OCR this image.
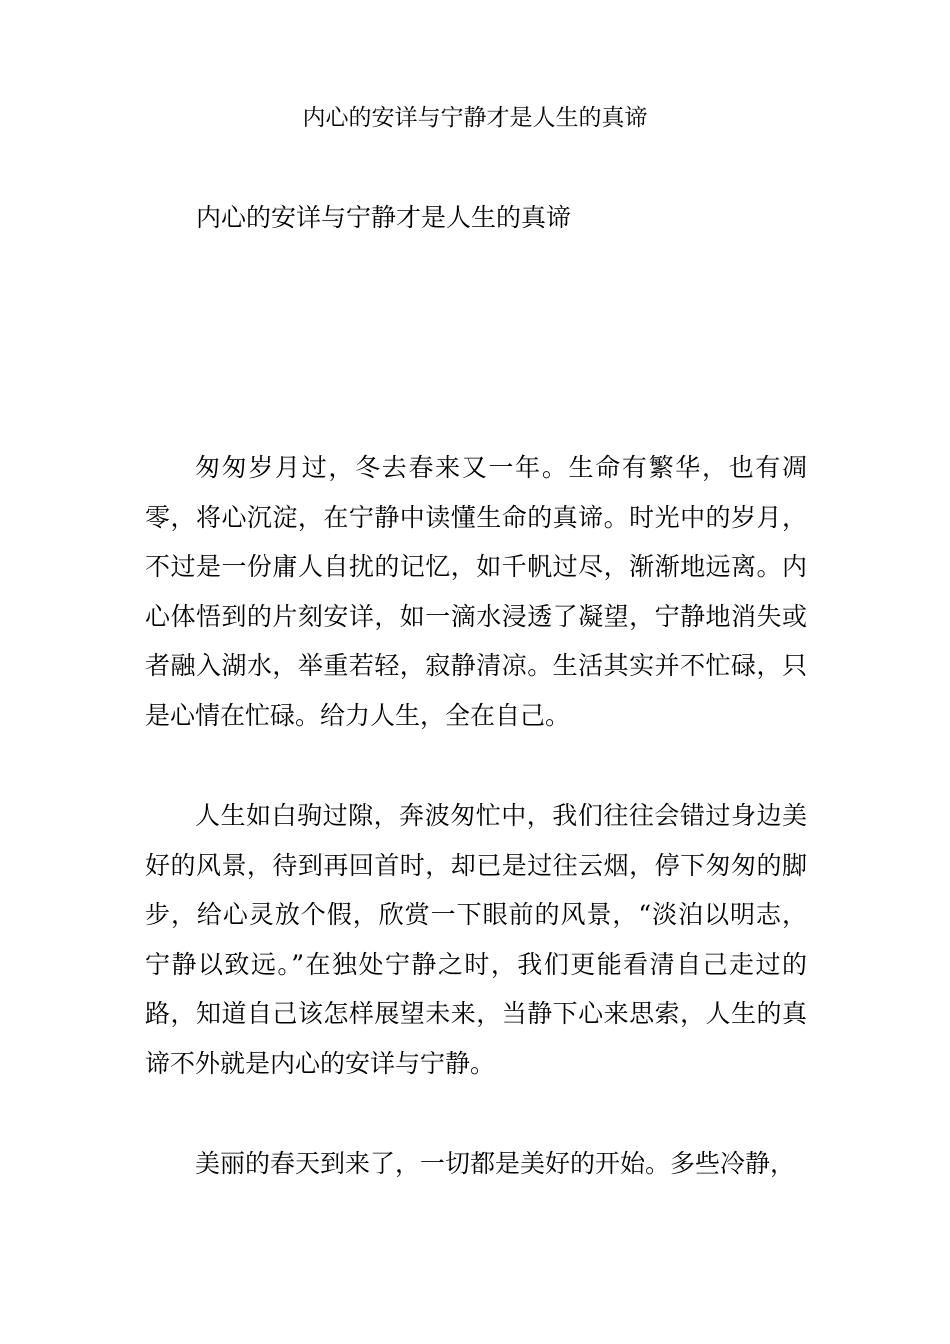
内心的安详与宁静才是人生的真谛
内心的安详与宁静才是人生的真谛

匆匆岁月过，冬去春来又一年。生命有繁华，也有凋零，将心沉淀，在宁静中读懂生命的真谛。时光中的岁月，不过是一份庸人自扰的记忆，如千帆过尽，渐渐地远离。内心体悟到的片刻安详，如一滴水浸透了凝望，宁静地消失或者融入湖水，举重若轻，寂静清凉。生活其实并不忙碌，只是心情在忙碌。给力人生，全在自己。

人生如白驹过隙，奔波匆忙中，我们往往会错过身边美好的风景，待到再回首时，却已是过往云烟，停下匆匆的脚步，给心灵放个假，欣赏一下眼前的风景，“淡泊以明志，宁静以致远。”在独处宁静之时，我们更能看清自己走过的路，知道自己该怎样展望未来，当静下心来思索，人生的真谛不外就是内心的安详与宁静。

美丽的春天到来了，一切都是美好的开始。多些冷静，
